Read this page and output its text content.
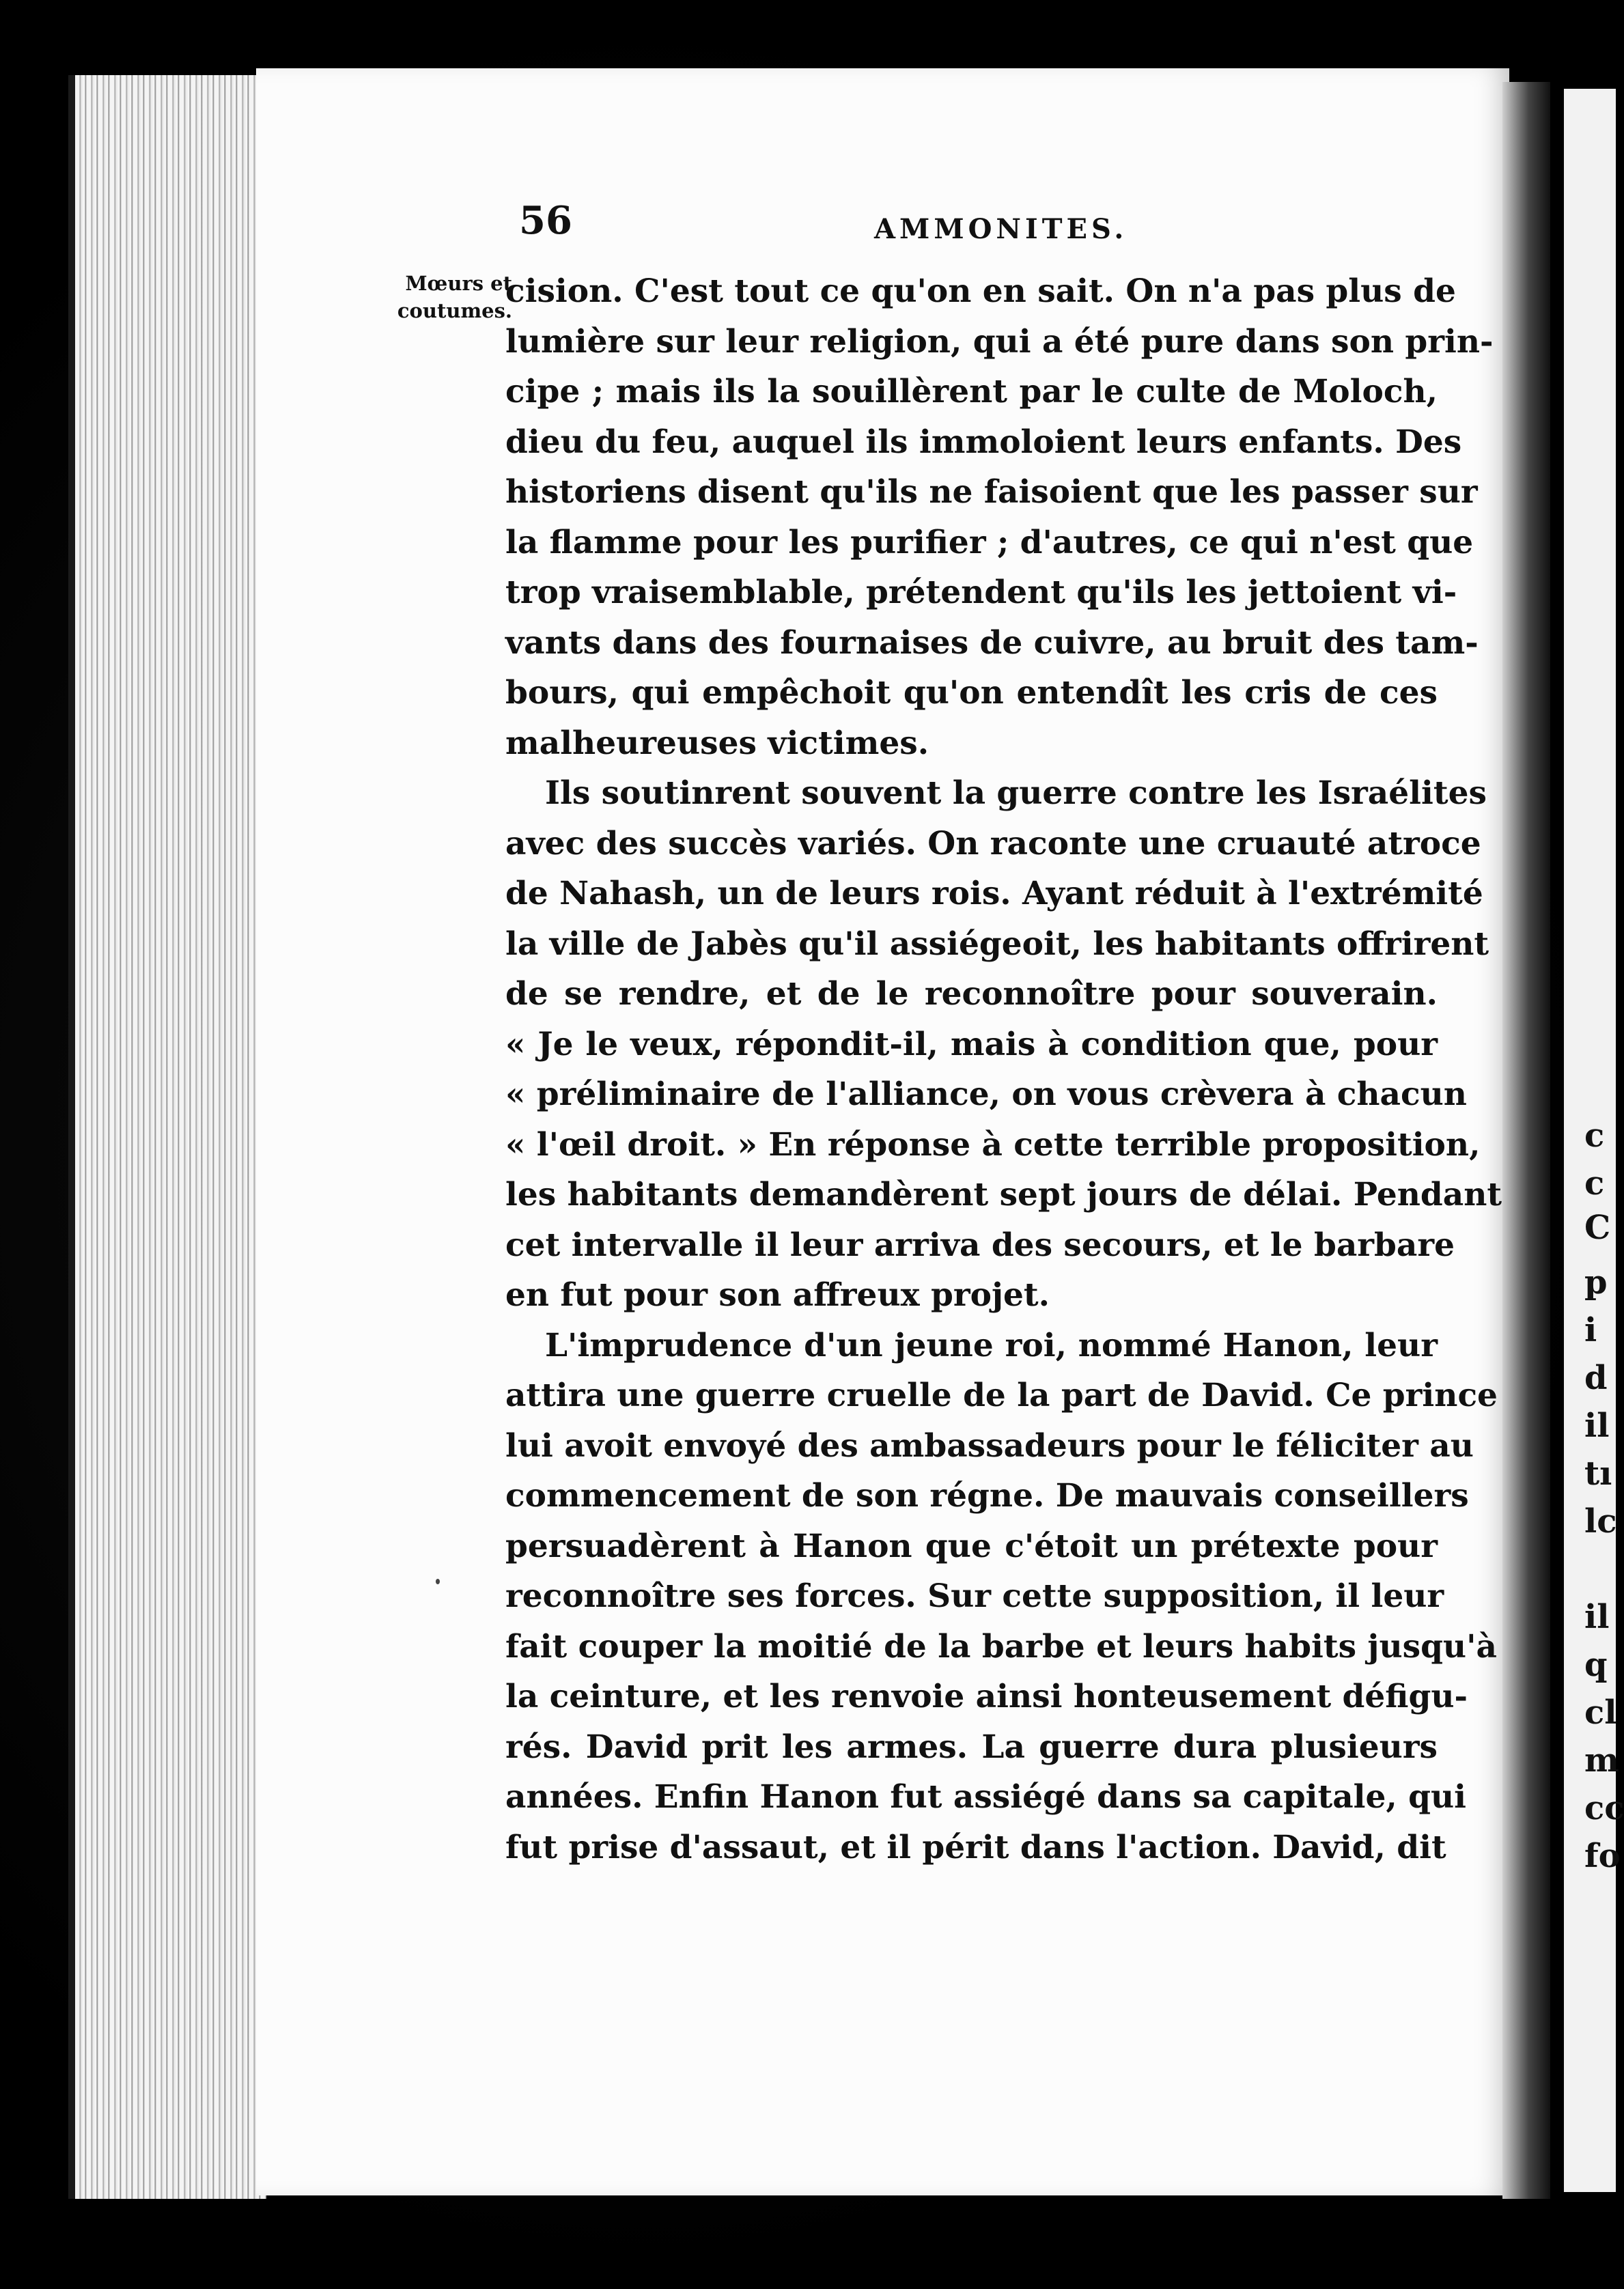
c
c
C
p
i
d
il
tı
lc
il
q
cl
m
cc
fo
56	AMMONITES.
Mœurs et
coutumes.

cision. C'est tout ce qu'on en sait. On n'a pas plus de
lumière sur leur religion, qui a été pure dans son prin-
cipe ; mais ils la souillèrent par le culte de Moloch,
dieu du feu, auquel ils immoloient leurs enfants. Des
historiens disent qu'ils ne faisoient que les passer sur
la flamme pour les purifier ; d'autres, ce qui n'est que
trop vraisemblable, prétendent qu'ils les jettoient vi-
vants dans des fournaises de cuivre, au bruit des tam-
bours, qui empêchoit qu'on entendît les cris de ces
malheureuses victimes.

Ils soutinrent souvent la guerre contre les Israélites
avec des succès variés. On raconte une cruauté atroce
de Nahash, un de leurs rois. Ayant réduit à l'extrémité
la ville de Jabès qu'il assiégeoit, les habitants offrirent
de se rendre, et de le reconnoître pour souverain.
« Je le veux, répondit-il, mais à condition que, pour
« préliminaire de l'alliance, on vous crèvera à chacun
« l'œil droit. » En réponse à cette terrible proposition,
les habitants demandèrent sept jours de délai. Pendant
cet intervalle il leur arriva des secours, et le barbare
en fut pour son affreux projet.

L'imprudence d'un jeune roi, nommé Hanon, leur
attira une guerre cruelle de la part de David. Ce prince
lui avoit envoyé des ambassadeurs pour le féliciter au
commencement de son régne. De mauvais conseillers
persuadèrent à Hanon que c'étoit un prétexte pour
reconnoître ses forces. Sur cette supposition, il leur
fait couper la moitié de la barbe et leurs habits jusqu'à
la ceinture, et les renvoie ainsi honteusement défigu-
rés. David prit les armes. La guerre dura plusieurs
années. Enfin Hanon fut assiégé dans sa capitale, qui
fut prise d'assaut, et il périt dans l'action. David, dit
